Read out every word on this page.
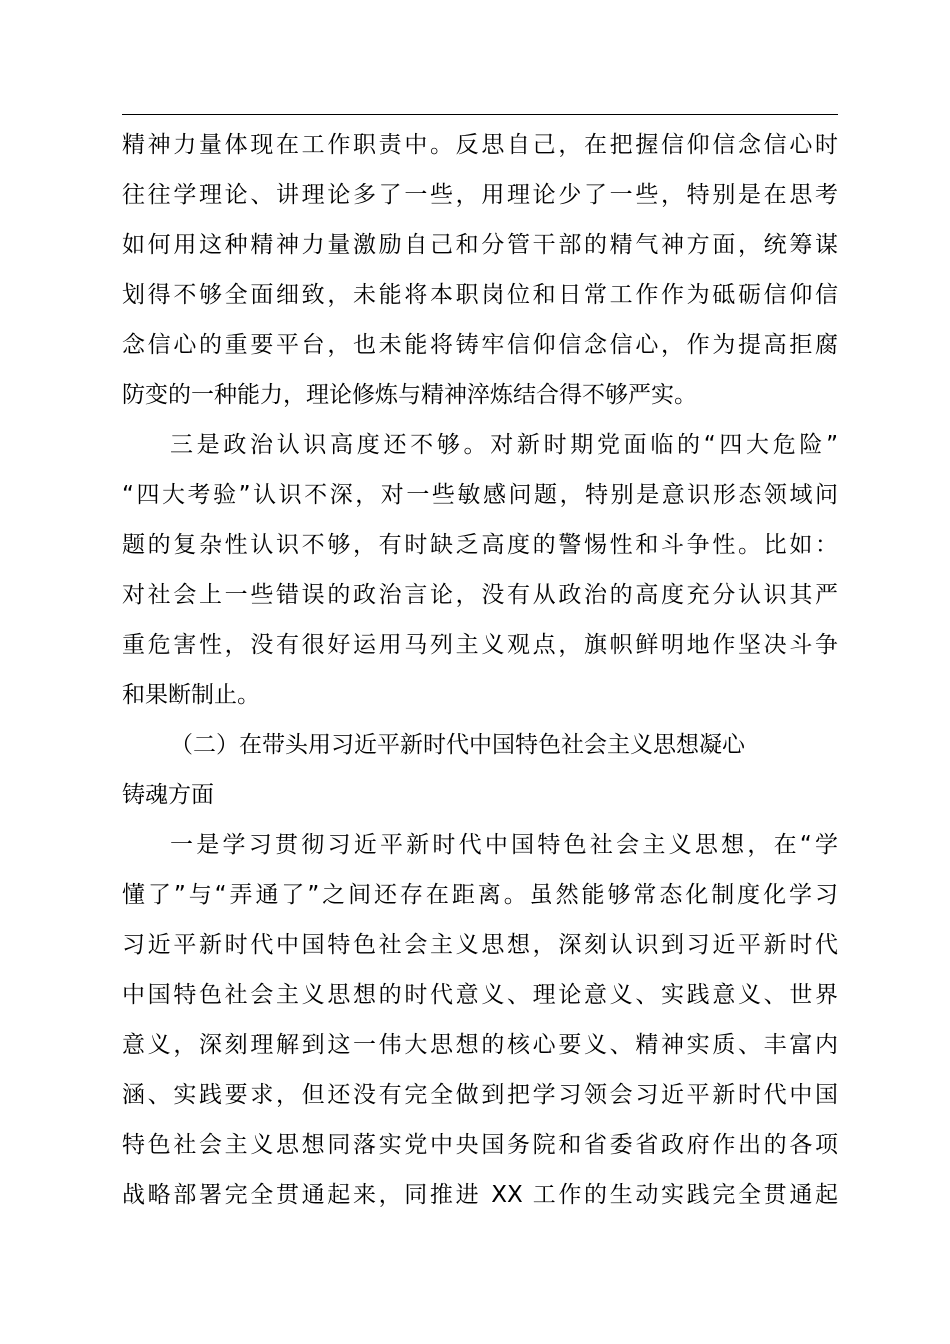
精神力量体现在工作职责中。反思自己，在把握信仰信念信心时
往往学理论、讲理论多了一些，用理论少了一些，特别是在思考
如何用这种精神力量激励自己和分管干部的精气神方面，统筹谋
划得不够全面细致，未能将本职岗位和日常工作作为砥砺信仰信
念信心的重要平台，也未能将铸牢信仰信念信心，作为提高拒腐
防变的一种能力，理论修炼与精神淬炼结合得不够严实。
三是政治认识高度还不够。对新时期党面临的“四大危险”
“四大考验”认识不深，对一些敏感问题，特别是意识形态领域问
题的复杂性认识不够，有时缺乏高度的警惕性和斗争性。比如：
对社会上一些错误的政治言论，没有从政治的高度充分认识其严
重危害性，没有很好运用马列主义观点，旗帜鲜明地作坚决斗争
和果断制止。
（二）在带头用习近平新时代中国特色社会主义思想凝心
铸魂方面
一是学习贯彻习近平新时代中国特色社会主义思想，在“学
懂了”与“弄通了”之间还存在距离。虽然能够常态化制度化学习
习近平新时代中国特色社会主义思想，深刻认识到习近平新时代
中国特色社会主义思想的时代意义、理论意义、实践意义、世界
意义，深刻理解到这一伟大思想的核心要义、精神实质、丰富内
涵、实践要求，但还没有完全做到把学习领会习近平新时代中国
特色社会主义思想同落实党中央国务院和省委省政府作出的各项
战略部署完全贯通起来，同推进 XX 工作的生动实践完全贯通起
